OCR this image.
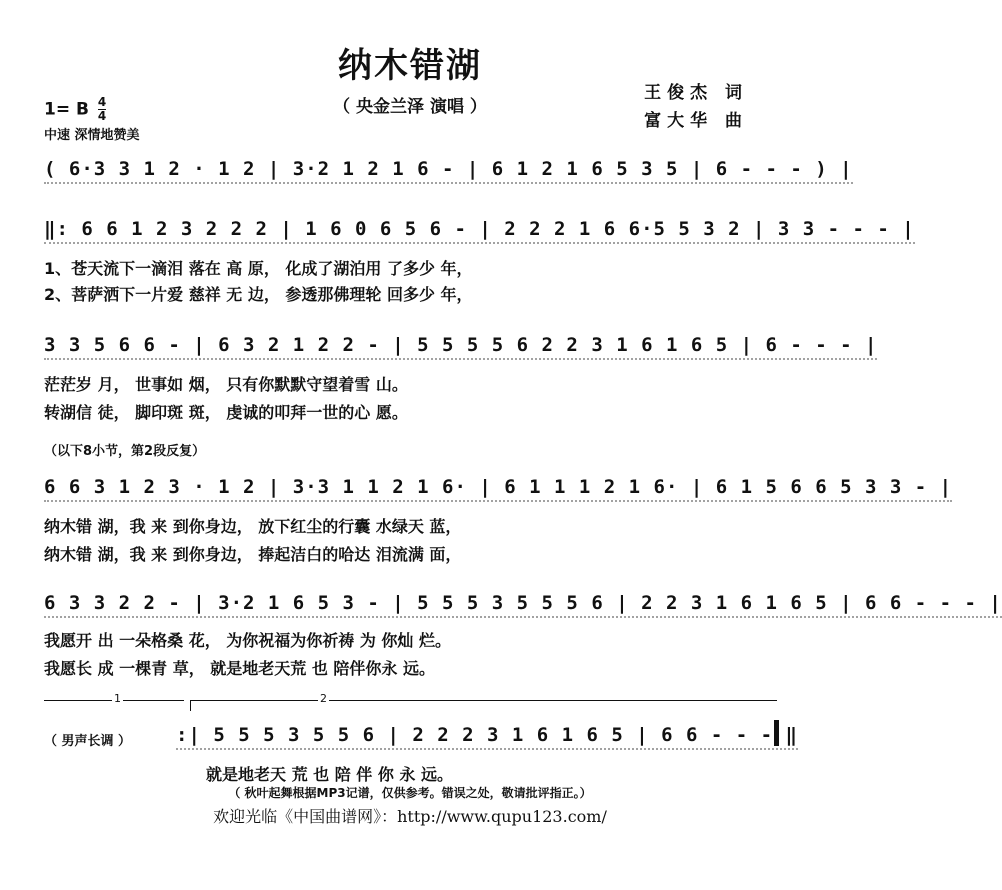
纳木错湖
（ 央金兰泽 演唱 ）
王俊杰 词
富大华 曲
1= B $\frac{4}{4}$
中速 深情地赞美
( 6·3 3 1 2 · 1 2 | 3·2 1 2 1 6 - | 6 1 2 1 6 5 3 5 | 6 - - - ) |
‖: 6 6 1 2 3 2 2 2 | 1 6 0 6 5 6 - | 2 2 2 1 6 6·5 5 3 2 | 3 3 - - - |
1、苍天流下一滴泪 落在 高 原， 化成了湖泊用 了多少 年，
2、菩萨洒下一片爱 慈祥 无 边， 参透那佛理轮 回多少 年，
3 3 5 6 6 - | 6 3 2 1 2 2 - | 5 5 5 5 6 2 2 3 1 6 1 6 5 | 6 - - - |
茫茫岁 月， 世事如 烟， 只有你默默守望着雪 山。
转湖信 徒， 脚印斑 斑， 虔诚的叩拜一世的心 愿。
（以下8小节，第2段反复）
6 6 3 1 2 3 · 1 2 | 3·3 1 1 2 1 6· | 6 1 1 1 2 1 6· | 6 1 5 6 6 5 3 3 - |
纳木错 湖，我 来 到你身边， 放下红尘的行囊 水绿天 蓝，
纳木错 湖，我 来 到你身边， 捧起洁白的哈达 泪流满 面，
6 3 3 2 2 - | 3·2 1 6 5 3 - | 5 5 5 3 5 5 5 6 | 2 2 3 1 6 1 6 5 | 6 6 - - - |
我愿开 出 一朵格桑 花， 为你祝福为你祈祷 为 你灿 烂。
我愿长 成 一棵青 草， 就是地老天荒 也 陪伴你永 远。
1	2
（ 男声长调 ） :| 5 5 5 3 5 5 6 | 2 2 2 3 1 6 1 6 5 | 6 6 - - - ‖
就是地老天 荒 也 陪 伴 你 永 远。
（ 秋叶起舞根据MP3记谱，仅供参考。错误之处，敬请批评指正。）
欢迎光临《中国曲谱网》：http://www.qupu123.com/
